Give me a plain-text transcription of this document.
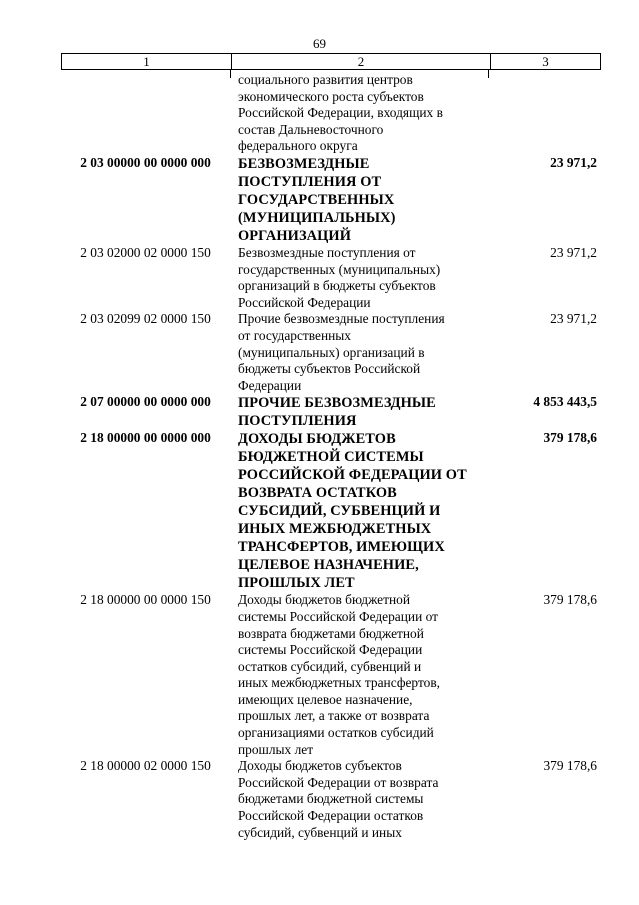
69
1	2	3
социального развития центров
экономического роста субъектов
Российской Федерации, входящих в
состав Дальневосточного
федерального округа
2 03 00000 00 0000 000	БЕЗВОЗМЕЗДНЫЕ
ПОСТУПЛЕНИЯ ОТ
ГОСУДАРСТВЕННЫХ
(МУНИЦИПАЛЬНЫХ)
ОРГАНИЗАЦИЙ
23 971,2
2 03 02000 02 0000 150	Безвозмездные поступления от
государственных (муниципальных)
организаций в бюджеты субъектов
Российской Федерации
23 971,2
2 03 02099 02 0000 150	Прочие безвозмездные поступления
от государственных
(муниципальных) организаций в
бюджеты субъектов Российской
Федерации
23 971,2
2 07 00000 00 0000 000	ПРОЧИЕ БЕЗВОЗМЕЗДНЫЕ
ПОСТУПЛЕНИЯ
4 853 443,5
2 18 00000 00 0000 000	ДОХОДЫ БЮДЖЕТОВ
БЮДЖЕТНОЙ СИСТЕМЫ
РОССИЙСКОЙ ФЕДЕРАЦИИ ОТ
ВОЗВРАТА ОСТАТКОВ
СУБСИДИЙ, СУБВЕНЦИЙ И
ИНЫХ МЕЖБЮДЖЕТНЫХ
ТРАНСФЕРТОВ, ИМЕЮЩИХ
ЦЕЛЕВОЕ НАЗНАЧЕНИЕ,
ПРОШЛЫХ ЛЕТ
379 178,6
2 18 00000 00 0000 150	Доходы бюджетов бюджетной
системы Российской Федерации от
возврата бюджетами бюджетной
системы Российской Федерации
остатков субсидий, субвенций и
иных межбюджетных трансфертов,
имеющих целевое назначение,
прошлых лет, а также от возврата
организациями остатков субсидий
прошлых лет
379 178,6
2 18 00000 02 0000 150	Доходы бюджетов субъектов
Российской Федерации от возврата
бюджетами бюджетной системы
Российской Федерации остатков
субсидий, субвенций и иных
379 178,6
